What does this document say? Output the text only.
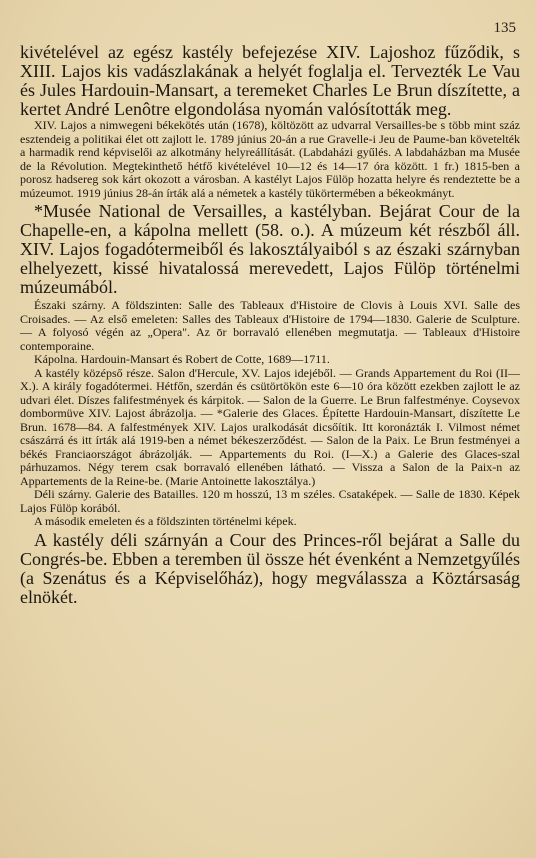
135

kivételével az egész kastély befejezése XIV. Lajoshoz fűződik, s XIII. Lajos kis vadászlakának a helyét foglalja el. Tervezték Le Vau és Jules Hardouin-Mansart, a teremeket Charles Le Brun díszítette, a kertet André Lenôtre elgondolása nyomán valósították meg.

XIV. Lajos a nimwegeni békekötés után (1678), költözött az udvarral Versailles-be s több mint száz esztendeig a politikai élet ott zajlott le. 1789 június 20-án a rue Gravelle-i Jeu de Paume-ban követelték a harmadik rend képviselői az alkotmány helyreállítását. (Labdaházi gyűlés. A labdaházban ma Musée de la Révolution. Megtekinthető hétfő kivételével 10—12 és 14—17 óra között. 1 fr.) 1815-ben a porosz hadsereg sok kárt okozott a városban. A kastélyt Lajos Fülöp hozatta helyre és rendeztette be a múzeumot. 1919 június 28-án írták alá a németek a kastély tükörtermében a békeokmányt.

*Musée National de Versailles, a kastélyban. Bejárat Cour de la Chapelle-en, a kápolna mellett (58. o.). A múzeum két részből áll. XIV. Lajos fogadótermeiből és lakosztályaiból s az északi szárnyban elhelyezett, kissé hivatalossá merevedett, Lajos Fülöp történelmi múzeumából.

Északi szárny. A földszinten: Salle des Tableaux d'Histoire de Clovis à Louis XVI. Salle des Croisades. — Az első emeleten: Salles des Tableaux d'Histoire de 1794—1830. Galerie de Sculpture. — A folyosó végén az „Opera". Az ōr borravaló ellenében megmutatja. — Tableaux d'Histoire contemporaine.

Kápolna. Hardouin-Mansart és Robert de Cotte, 1689—1711.

A kastély középső része. Salon d'Hercule, XV. Lajos idejéből. — Grands Appartement du Roi (II—X.). A király fogadótermei. Hétfőn, szerdán és csütörtökön este 6—10 óra között ezekben zajlott le az udvari élet. Díszes falifestmények és kárpitok. — Salon de la Guerre. Le Brun falfestménye. Coysevox dombormüve XIV. Lajost ábrázolja. — *Galerie des Glaces. Építette Hardouin-Mansart, díszítette Le Brun. 1678—84. A falfestmények XIV. Lajos uralkodását dicsőítik. Itt koronázták I. Vilmost német császárrá és itt írták alá 1919-ben a német békeszerződést. — Salon de la Paix. Le Brun festményei a békés Franciaországot ábrázolják. — Appartements du Roi. (I—X.) a Galerie des Glaces-szal párhuzamos. Négy terem csak borravaló ellenében látható. — Vissza a Salon de la Paix-n az Appartements de la Reine-be. (Marie Antoinette lakosztálya.)

Déli szárny. Galerie des Batailles. 120 m hosszú, 13 m széles. Csataképek. — Salle de 1830. Képek Lajos Fülöp korából.

A második emeleten és a földszinten történelmi képek.

A kastély déli szárnyán a Cour des Princes-ről bejárat a Salle du Congrés-be. Ebben a teremben ül össze hét évenként a Nemzetgyűlés (a Szenátus és a Képviselőház), hogy megválassza a Köztársaság elnökét.
